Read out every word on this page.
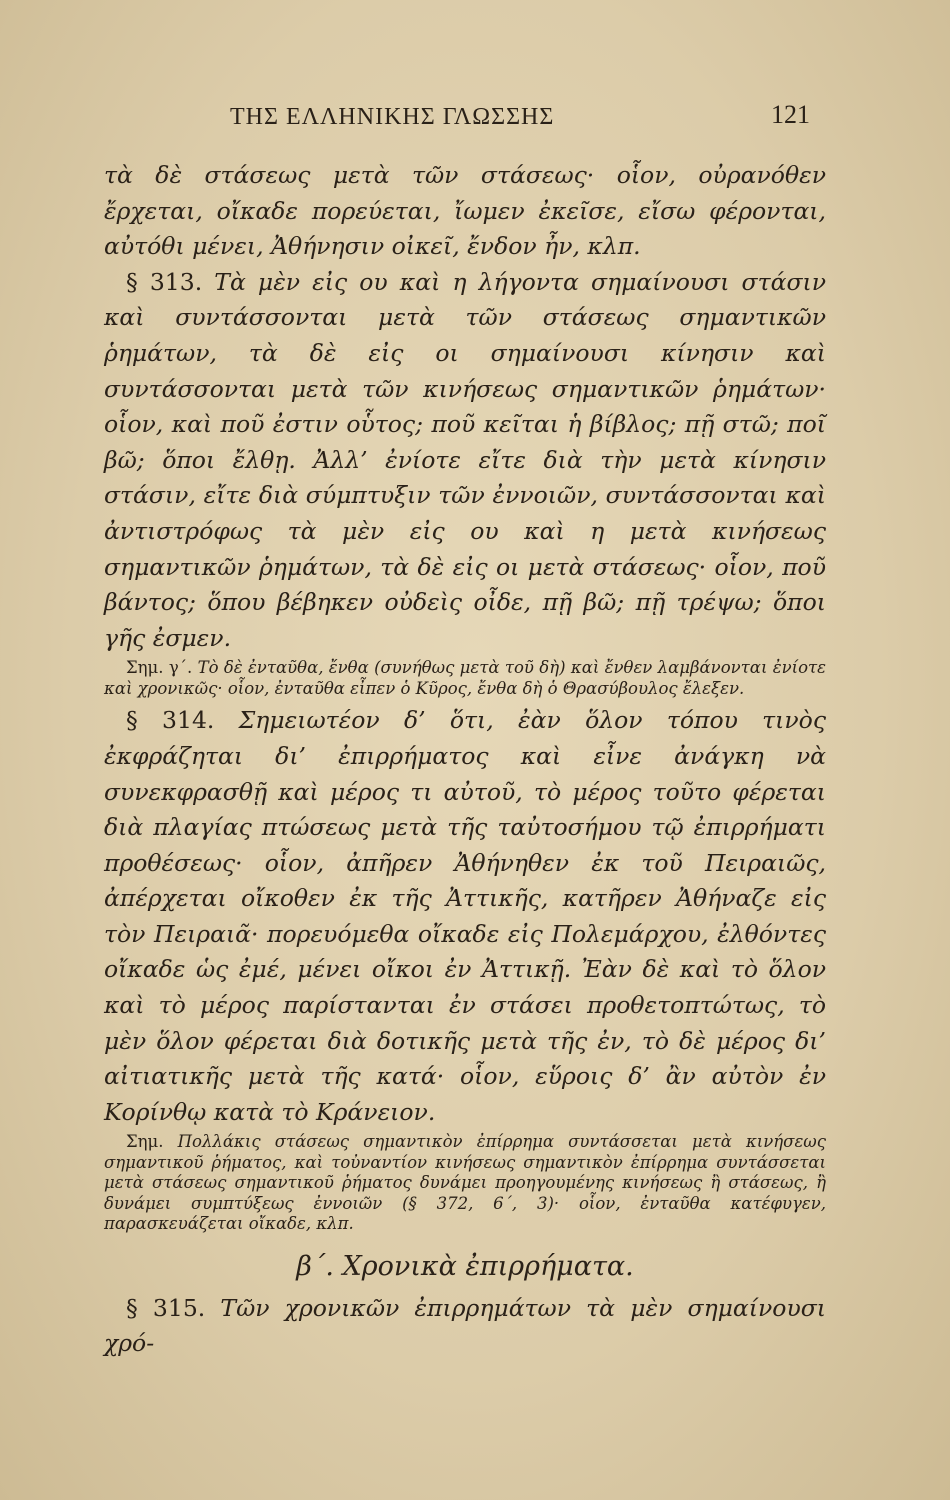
ΤΗΣ ΕΛΛΗΝΙΚΗΣ ΓΛΩΣΣΗΣ	121

τὰ δὲ στάσεως μετὰ τῶν στάσεως· οἷον, οὐρανόθεν ἔρχεται, οἴκαδε πορεύεται, ἴωμεν ἐκεῖσε, εἴσω φέρονται, αὐτόθι μένει, Ἀθήνησιν οἰκεῖ, ἔνδον ἦν, κλπ.

§ 313. Τὰ μὲν εἰς ου καὶ η λήγοντα σημαίνουσι στάσιν καὶ συντάσσονται μετὰ τῶν στάσεως σημαντικῶν ῥημάτων, τὰ δὲ εἰς οι σημαίνουσι κίνησιν καὶ συντάσσονται μετὰ τῶν κινήσεως σημαντικῶν ῥημάτων· οἷον, καὶ ποῦ ἐστιν οὗτος; ποῦ κεῖται ἡ βίβλος; πῇ στῶ; ποῖ βῶ; ὅποι ἔλθῃ. Ἀλλ’ ἐνίοτε εἴτε διὰ τὴν μετὰ κίνησιν στάσιν, εἴτε διὰ σύμπτυξιν τῶν ἐννοιῶν, συντάσσονται καὶ ἀντιστρόφως τὰ μὲν εἰς ου καὶ η μετὰ κινήσεως σημαντικῶν ῥημάτων, τὰ δὲ εἰς οι μετὰ στάσεως· οἷον, ποῦ βάντος; ὅπου βέβηκεν οὐδεὶς οἶδε, πῇ βῶ; πῇ τρέψω; ὅποι γῆς ἐσμεν.

Σημ. γ΄. Τὸ δὲ ἐνταῦθα, ἔνθα (συνήθως μετὰ τοῦ δὴ) καὶ ἔνθεν λαμβάνονται ἐνίοτε καὶ χρονικῶς· οἷον, ἐνταῦθα εἶπεν ὁ Κῦρος, ἔνθα δὴ ὁ Θρασύβουλος ἔλεξεν.

§ 314. Σημειωτέον δ’ ὅτι, ἐὰν ὅλον τόπου τινὸς ἐκφράζηται δι’ ἐπιρρήματος καὶ εἶνε ἀνάγκη νὰ συνεκφρασθῇ καὶ μέρος τι αὐτοῦ, τὸ μέρος τοῦτο φέρεται διὰ πλαγίας πτώσεως μετὰ τῆς ταὐτοσήμου τῷ ἐπιρρήματι προθέσεως· οἷον, ἀπῆρεν Ἀθήνηθεν ἐκ τοῦ Πειραιῶς, ἀπέρχεται οἴκοθεν ἐκ τῆς Ἀττικῆς, κατῆρεν Ἀθήναζε εἰς τὸν Πειραιᾶ· πορευόμεθα οἴκαδε εἰς Πολεμάρχου, ἐλθόντες οἴκαδε ὡς ἐμέ, μένει οἴκοι ἐν Ἀττικῇ. Ἐὰν δὲ καὶ τὸ ὅλον καὶ τὸ μέρος παρίστανται ἐν στάσει προθετοπτώτως, τὸ μὲν ὅλον φέρεται διὰ δοτικῆς μετὰ τῆς ἐν, τὸ δὲ μέρος δι’ αἰτιατικῆς μετὰ τῆς κατά· οἷον, εὕροις δ’ ἂν αὐτὸν ἐν Κορίνθῳ κατὰ τὸ Κράνειον.

Σημ. Πολλάκις στάσεως σημαντικὸν ἐπίρρημα συντάσσεται μετὰ κινήσεως σημαντικοῦ ῥήματος, καὶ τοὐναντίον κινήσεως σημαντικὸν ἐπίρρημα συντάσσεται μετὰ στάσεως σημαντικοῦ ῥήματος δυνάμει προηγουμένης κινήσεως ἢ στάσεως, ἢ δυνάμει συμπτύξεως ἐννοιῶν (§ 372, 6΄, 3)· οἷον, ἐνταῦθα κατέφυγεν, παρασκευάζεται οἴκαδε, κλπ.

β΄. Χρονικὰ ἐπιρρήματα.

§ 315. Τῶν χρονικῶν ἐπιρρημάτων τὰ μὲν σημαίνουσι χρό-
